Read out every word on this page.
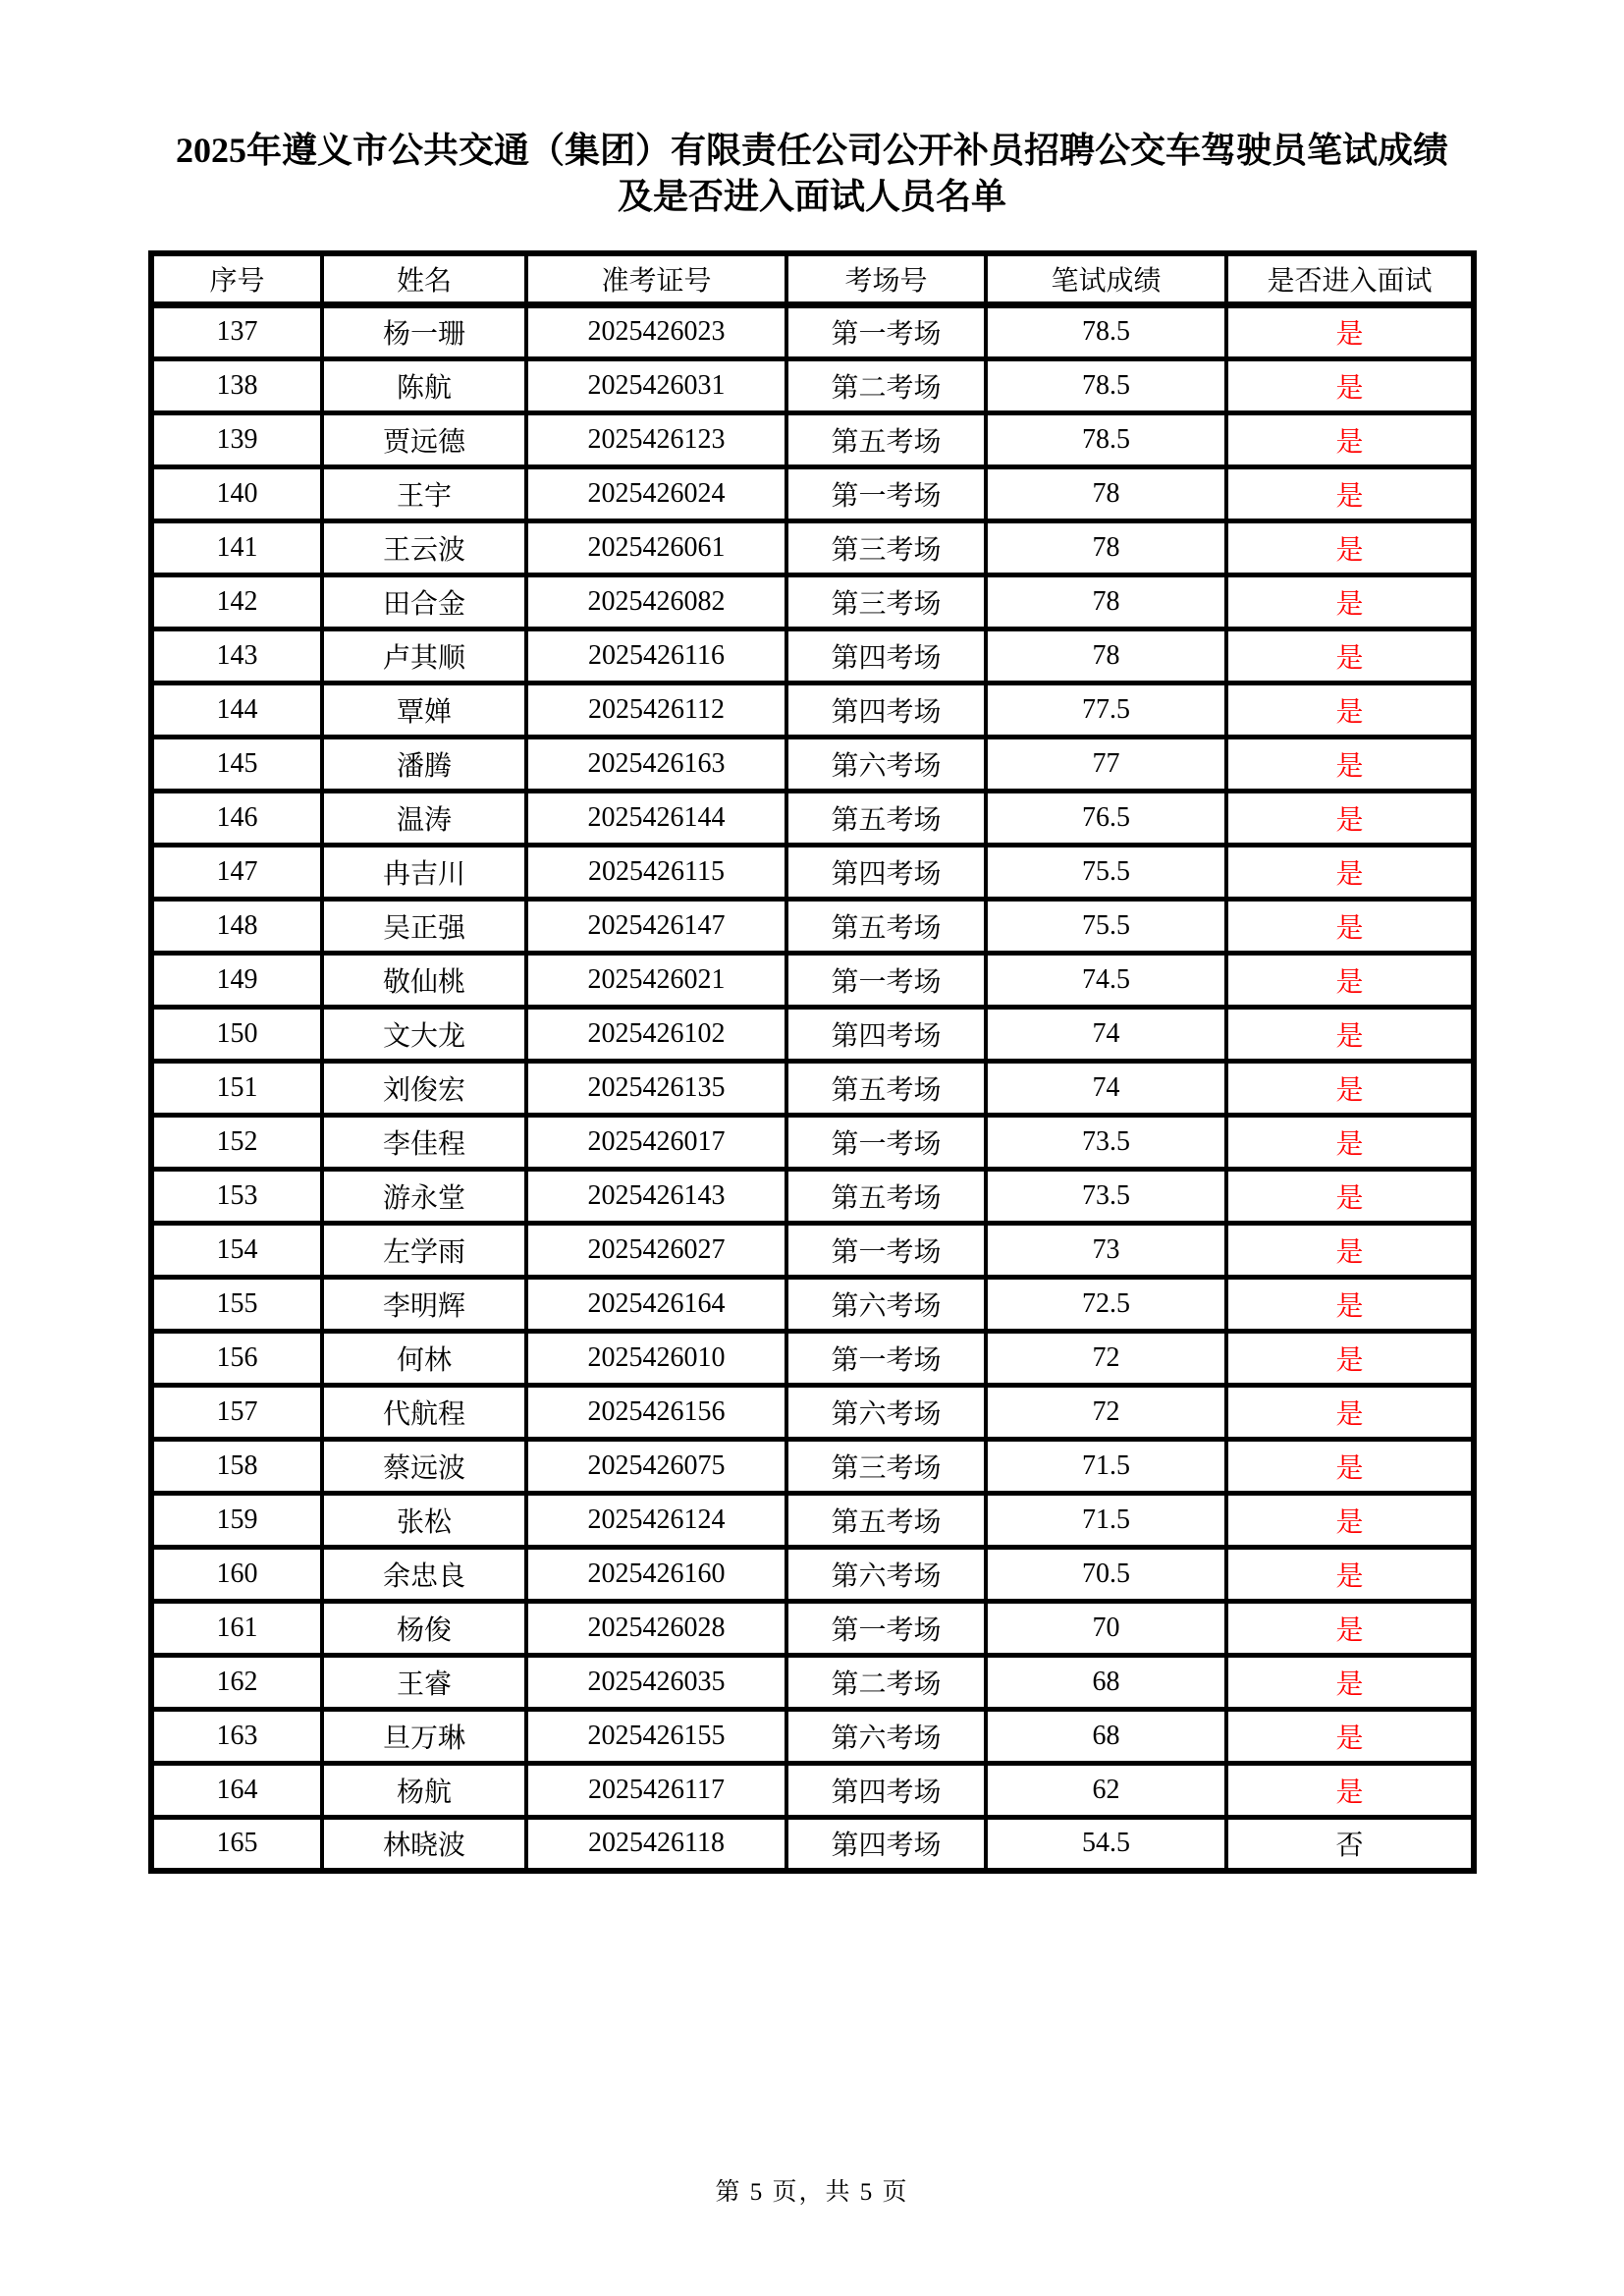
2025年遵义市公共交通（集团）有限责任公司公开补员招聘公交车驾驶员笔试成绩
及是否进入面试人员名单
序号	姓名	准考证号	考场号	笔试成绩	是否进入面试
137	杨一珊	2025426023	第一考场	78.5	是
138	陈航	2025426031	第二考场	78.5	是
139	贾远德	2025426123	第五考场	78.5	是
140	王宇	2025426024	第一考场	78	是
141	王云波	2025426061	第三考场	78	是
142	田合金	2025426082	第三考场	78	是
143	卢其顺	2025426116	第四考场	78	是
144	覃婵	2025426112	第四考场	77.5	是
145	潘腾	2025426163	第六考场	77	是
146	温涛	2025426144	第五考场	76.5	是
147	冉吉川	2025426115	第四考场	75.5	是
148	吴正强	2025426147	第五考场	75.5	是
149	敬仙桃	2025426021	第一考场	74.5	是
150	文大龙	2025426102	第四考场	74	是
151	刘俊宏	2025426135	第五考场	74	是
152	李佳程	2025426017	第一考场	73.5	是
153	游永堂	2025426143	第五考场	73.5	是
154	左学雨	2025426027	第一考场	73	是
155	李明辉	2025426164	第六考场	72.5	是
156	何林	2025426010	第一考场	72	是
157	代航程	2025426156	第六考场	72	是
158	蔡远波	2025426075	第三考场	71.5	是
159	张松	2025426124	第五考场	71.5	是
160	余忠良	2025426160	第六考场	70.5	是
161	杨俊	2025426028	第一考场	70	是
162	王睿	2025426035	第二考场	68	是
163	旦万琳	2025426155	第六考场	68	是
164	杨航	2025426117	第四考场	62	是
165	林晓波	2025426118	第四考场	54.5	否
第 5 页，共 5 页
